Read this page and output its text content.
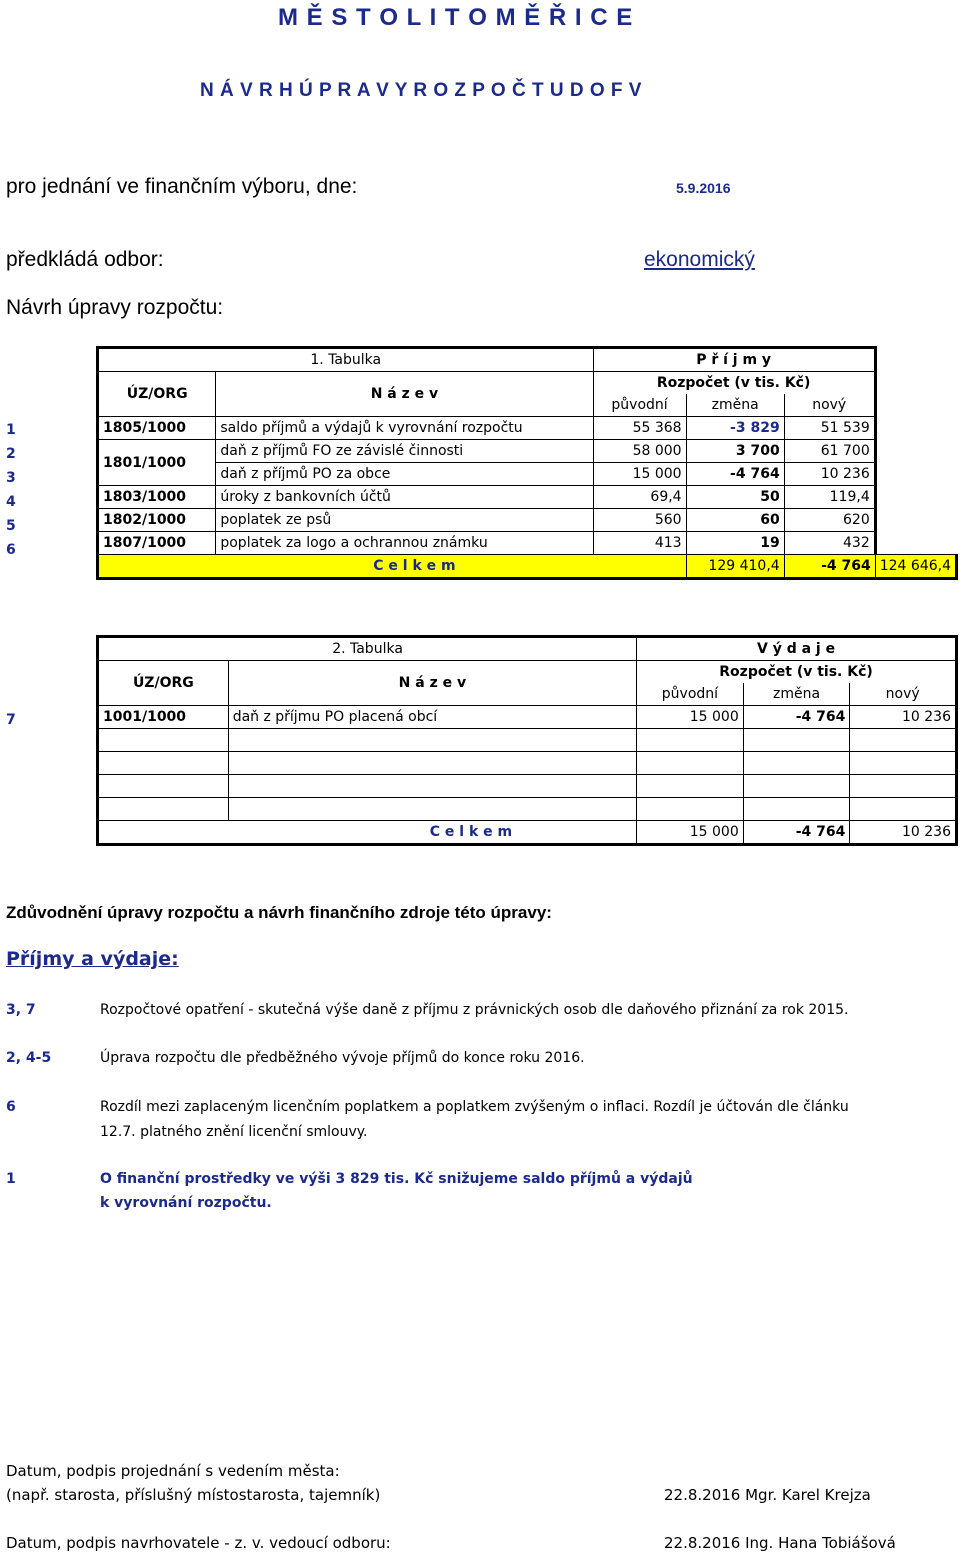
M Ě S T O L I T O M Ě Ř I C E
N Á V R H Ú P R A V Y R O Z P O Č T U D O F V
pro jednání ve finančním výboru, dne:	5.9.2016
předkládá odbor:	ekonomický
Návrh úpravy rozpočtu:
1
2
3
4
5
6
1. Tabulka		P ř í j m y			
ÚZ/ORG	N á z e v	Rozpočet (v tis. Kč)			
		původní	změna	nový	
1805/1000	saldo příjmů a výdajů k vyrovnání rozpočtu	55 368	-3 829	51 539	
1801/1000	daň z příjmů FO ze závislé činnosti	58 000	3 700	61 700	
	daň z příjmů PO za obce	15 000	-4 764	10 236	
1803/1000	úroky z bankovních účtů	69,4	50	119,4	
1802/1000	poplatek ze psů	560	60	620	
1807/1000	poplatek za logo a ochrannou známku	413	19	432	
C e l k e m			129 410,4	-4 764	124 646,4
7
2. Tabulka		V ý d a j e		
ÚZ/ORG	N á z e v	Rozpočet (v tis. Kč)		
		původní	změna	nový
1001/1000	daň z příjmu PO placená obcí	15 000	-4 764	10 236

C e l k e m		15 000	-4 764	10 236
Zdůvodnění úpravy rozpočtu a návrh finančního zdroje této úpravy:
Příjmy a výdaje:
3, 7	Rozpočtové opatření - skutečná výše daně z příjmu z právnických osob dle daňového přiznání za rok 2015.
2, 4-5	Úprava rozpočtu dle předběžného vývoje příjmů do konce roku 2016.
6	Rozdíl mezi zaplaceným licenčním poplatkem a poplatkem zvýšeným o inflaci. Rozdíl je účtován dle článku
12.7. platného znění licenční smlouvy.
1	O finanční prostředky ve výši 3 829 tis. Kč snižujeme saldo příjmů a výdajů
k vyrovnání rozpočtu.
Datum, podpis projednání s vedením města:
(např. starosta, příslušný místostarosta, tajemník)	22.8.2016 Mgr. Karel Krejza
Datum, podpis navrhovatele - z. v. vedoucí odboru:	22.8.2016 Ing. Hana Tobiášová
